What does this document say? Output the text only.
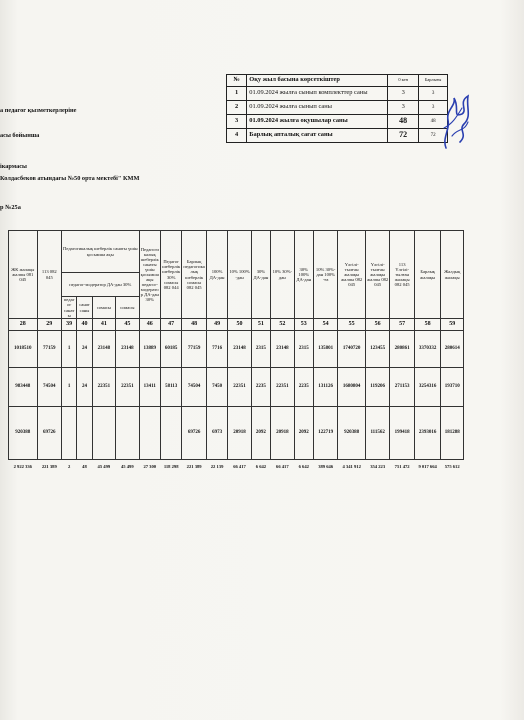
№	Оқу жыл басына көрсеткіштер	0 кен	Барлығы
1	01.09.2024 жылға сынып комплекттер саны	3	3
2	01.09.2024 жылға сынып саны	3	3
3	01.09.2024 жылға оқушылар саны	48	48
4	Барлық апталық сағат саны	72	72
а педагог қызметкерлеріне
асы бойынша
ікармасы
Колдасбеков атындағы №50 орта мектебі" КММ
р №25а
ЖК жалақы жалпы 081 045	113 082 045	Педагогикалық шеберлік санаты үшін қосымша ақы				Педагогикалық шеберлік санаты үшін қосымша ақы педагог-модератор ДА-дан 30%	Педагог шеберлік шеберлік 30% сомасы 082 044	Барлық педагогикалық шеберлік сомасы 082 045	100% ДА-дан	10% 100% -дан	30% ДА-дан	10% 30%-дан	30% 100% ДА-дан	10% 30%-дан 100% -ға	Үлгілі-тылған жалақы жалпы 082 045	Үлгілі-тылған жалақы жалпы 082 045	113 Үлгілі-тылған жалақы 082 045	Барлық жалақы	Жалдық жалақы
		педагог-модератор ДА-дан 30%																	
		педагог санаты	санат саны	сомасы	сомасы														
28	29	39	40	41	45	46	47	48	49	50	51	52	53	54	55	56	57	58	59
1018510	77159	1	24	23148	23148	13889	60185	77159	7716	23148	2315	23148	2315	135801	1740720	123455	280861	3370332	280614
983448	74504	1	24	22351	22351	13411	58113	74504	7450	22351	2235	22351	2235	131126	1680804	119206	271153	3254316	193710
920388	69726							69726	6973	20918	2092	20918	2092	122719	920388	111562	199418	2393016	181288
2 922 336	221 389	2	48	45 499	45 499	27 300	118 298	221 389	22 139	66 417	6 642	66 417	6 642	389 646	4 341 912	354 223	751 472	9 017 664	575 612
